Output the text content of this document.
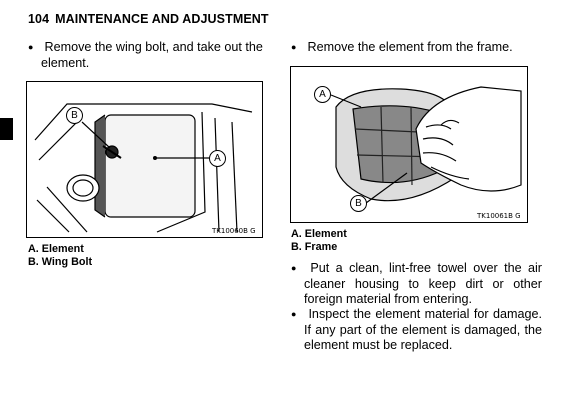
104 MAINTENANCE AND ADJUSTMENT
● Remove the wing bolt, and take out the element.
B
A
TK10060B G
A. Element
B. Wing Bolt
● Remove the element from the frame.
A
B
TK10061B G
A. Element
B. Frame
● Put a clean, lint-free towel over the air cleaner housing to keep dirt or other foreign material from entering.
● Inspect the element material for damage. If any part of the element is damaged, the element must be replaced.
